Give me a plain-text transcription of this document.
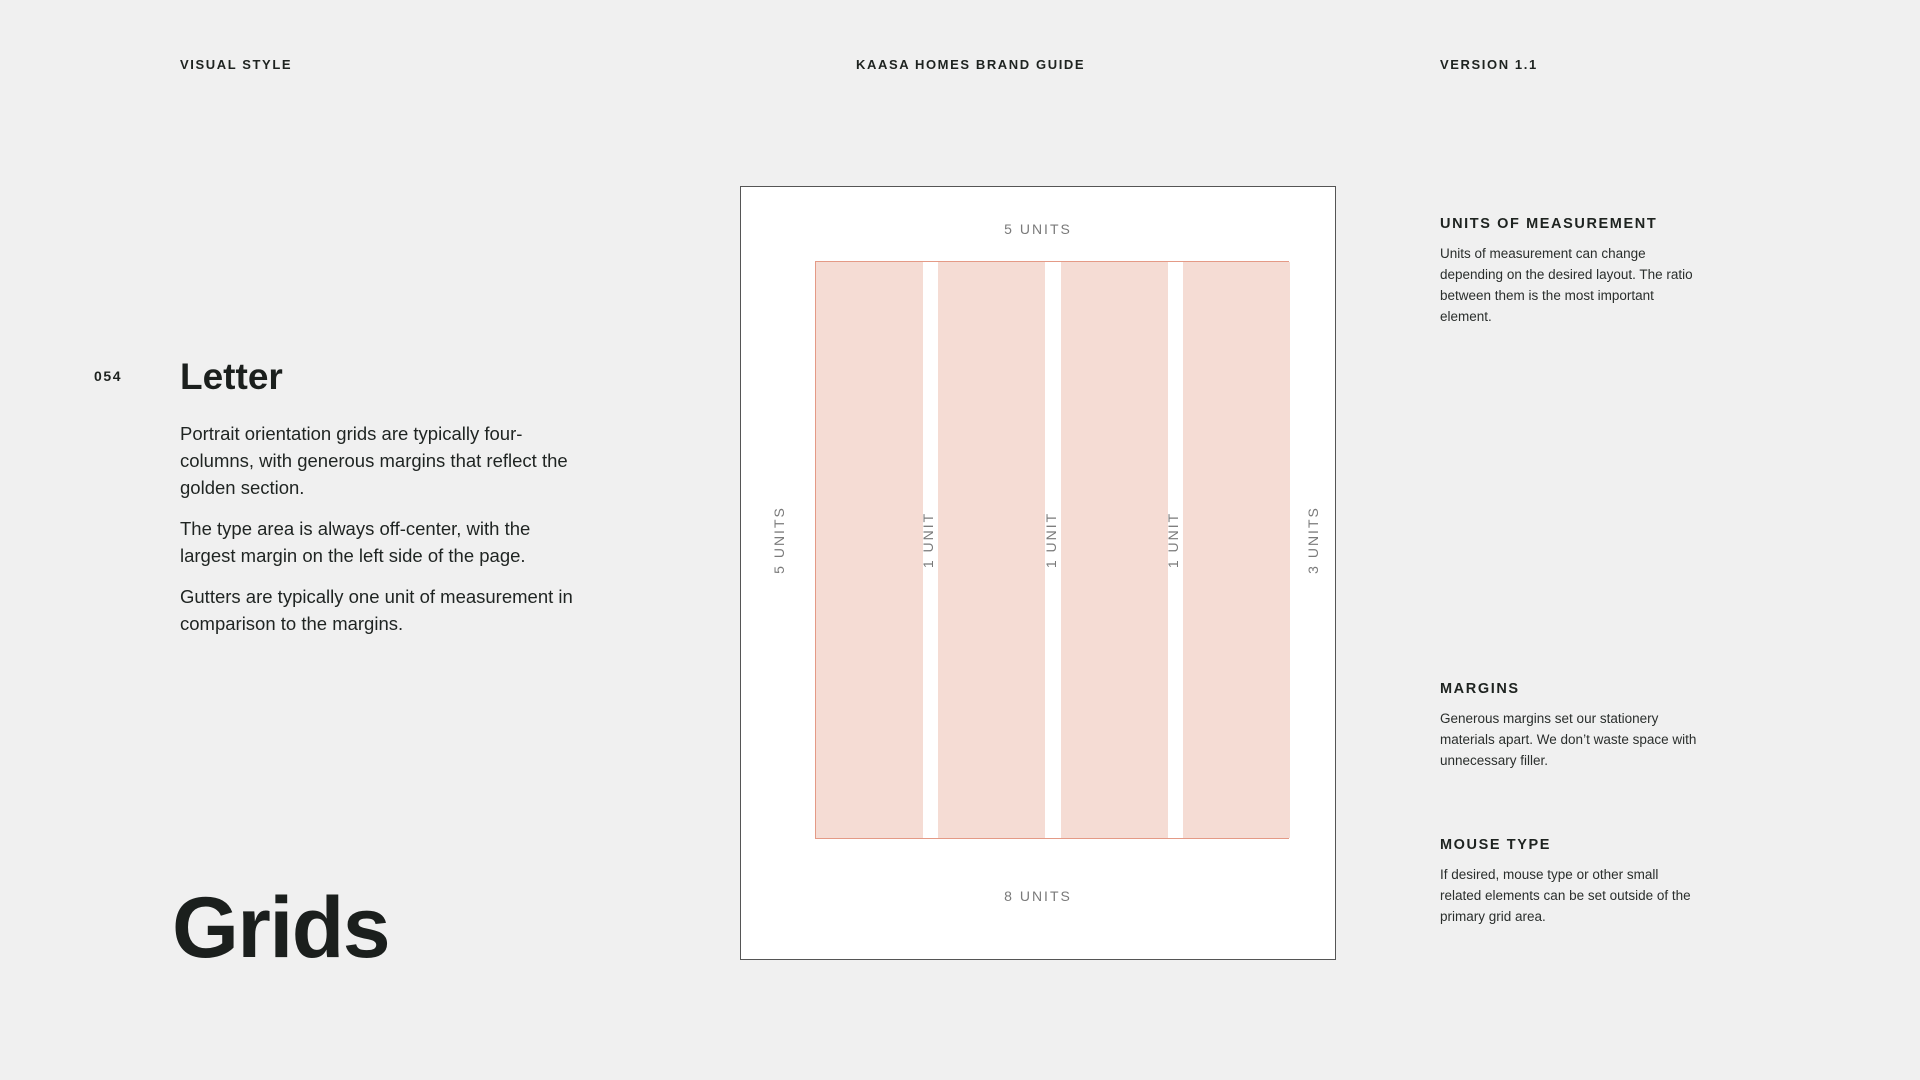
VISUAL STYLE	KAASA HOMES BRAND GUIDE	VERSION 1.1
054 Letter

Portrait orientation grids are typically four-columns, with generous margins that reflect the golden section.

The type area is always off-center, with the largest margin on the left side of the page.

Gutters are typically one unit of measurement in comparison to the margins.

Grids
5 UNITS
5 UNITS	3 UNITS
1 UNIT	1 UNIT	1 UNIT
8 UNITS
UNITS OF MEASUREMENT

Units of measurement can change depending on the desired layout. The ratio between them is the most important element.

MARGINS

Generous margins set our stationery materials apart. We don’t waste space with unnecessary filler.

MOUSE TYPE

If desired, mouse type or other small related elements can be set outside of the primary grid area.
